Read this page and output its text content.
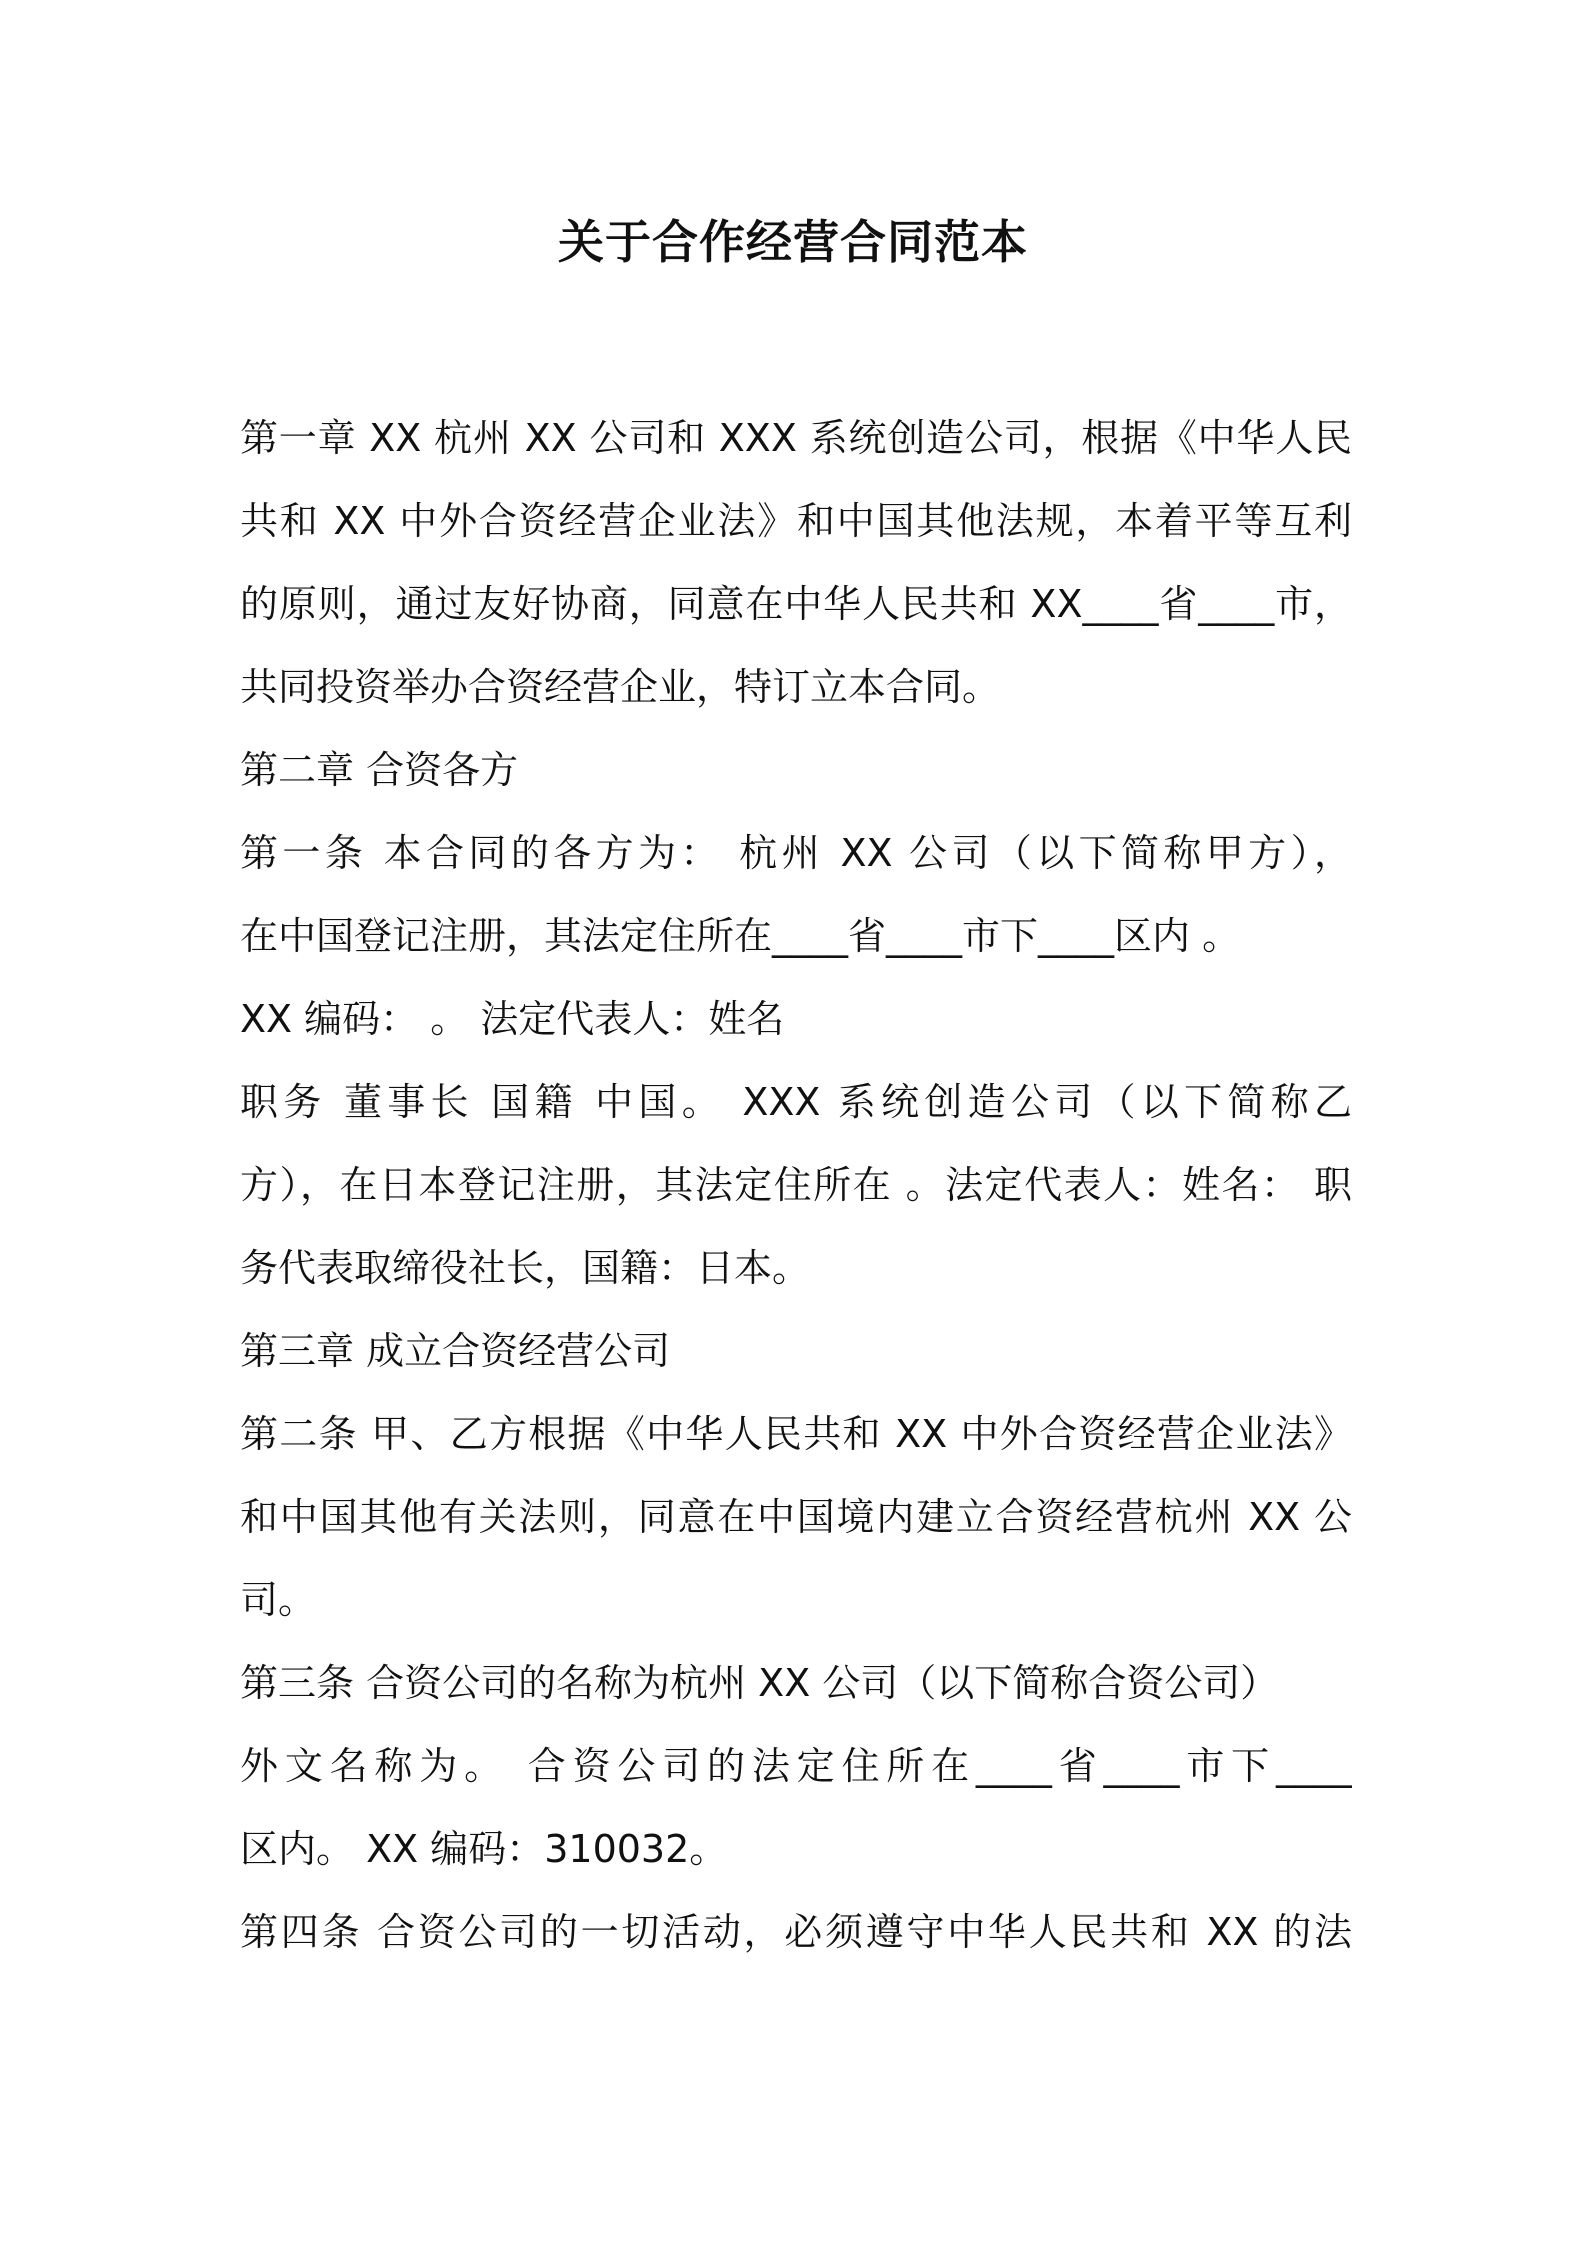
关于合作经营合同范本
第一章 XX 杭州 XX 公司和 XXX 系统创造公司，根据《中华人民
共和 XX 中外合资经营企业法》和中国其他法规，本着平等互利
的原则，通过友好协商，同意在中华人民共和 XX____省____市，
共同投资举办合资经营企业，特订立本合同。
第二章 合资各方
第一条 本合同的各方为： 杭州 XX 公司（以下简称甲方），
在中国登记注册，其法定住所在____省____市下____区内 。
XX 编码： 。 法定代表人：姓名
职务 董事长 国籍 中国。 XXX 系统创造公司（以下简称乙
方），在日本登记注册，其法定住所在 。法定代表人：姓名： 职
务代表取缔役社长，国籍：日本。
第三章 成立合资经营公司
第二条 甲、乙方根据《中华人民共和 XX 中外合资经营企业法》
和中国其他有关法则，同意在中国境内建立合资经营杭州 XX 公
司。
第三条 合资公司的名称为杭州 XX 公司（以下简称合资公司）
外文名称为。 合资公司的法定住所在____省____市下____
区内。 XX 编码：310032。
第四条 合资公司的一切活动，必须遵守中华人民共和 XX 的法
